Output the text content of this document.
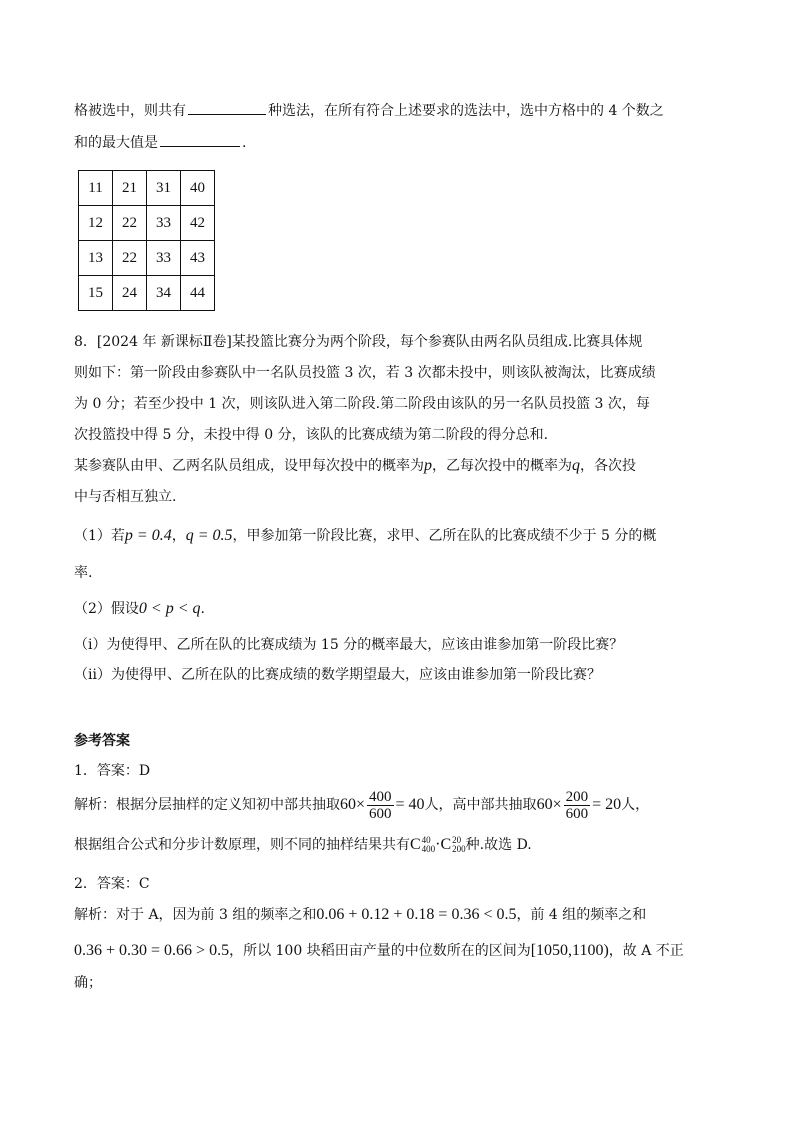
格被选中，则共有	种选法，在所有符合上述要求的选法中，选中方格中的 4 个数之
和的最大值是	.
11	21	31	40
12	22	33	42
13	22	33	43
15	24	34	44
8．[2024 年 新课标Ⅱ卷]某投篮比赛分为两个阶段，每个参赛队由两名队员组成.比赛具体规
则如下：第一阶段由参赛队中一名队员投篮 3 次，若 3 次都未投中，则该队被淘汰，比赛成绩
为 0 分；若至少投中 1 次，则该队进入第二阶段.第二阶段由该队的另一名队员投篮 3 次，每
次投篮投中得 5 分，未投中得 0 分，该队的比赛成绩为第二阶段的得分总和.
某参赛队由甲、乙两名队员组成，设甲每次投中的概率为p，乙每次投中的概率为q，各次投
中与否相互独立.
（1）若p = 0.4，q = 0.5，甲参加第一阶段比赛，求甲、乙所在队的比赛成绩不少于 5 分的概
率.
（2）假设0 < p < q.
（ⅰ）为使得甲、乙所在队的比赛成绩为 15 分的概率最大，应该由谁参加第一阶段比赛？
（ⅱ）为使得甲、乙所在队的比赛成绩的数学期望最大，应该由谁参加第一阶段比赛？
参考答案
1．答案：D
解析：根据分层抽样的定义知初中部共抽取$60\times \frac{400}{600} = 40$人，高中部共抽取$60\times \frac{200}{600} = 20$人，
根据组合公式和分步计数原理，则不同的抽样结果共有C 40
400 ·C 20
200 种.故选 D.
2．答案：C
解析：对于 A，因为前 3 组的频率之和0.06 + 0.12 + 0.18 = 0.36 < 0.5，前 4 组的频率之和
0.36 + 0.30 = 0.66 > 0.5，所以 100 块稻田亩产量的中位数所在的区间为[1050,1100)，故 A 不正
确；
